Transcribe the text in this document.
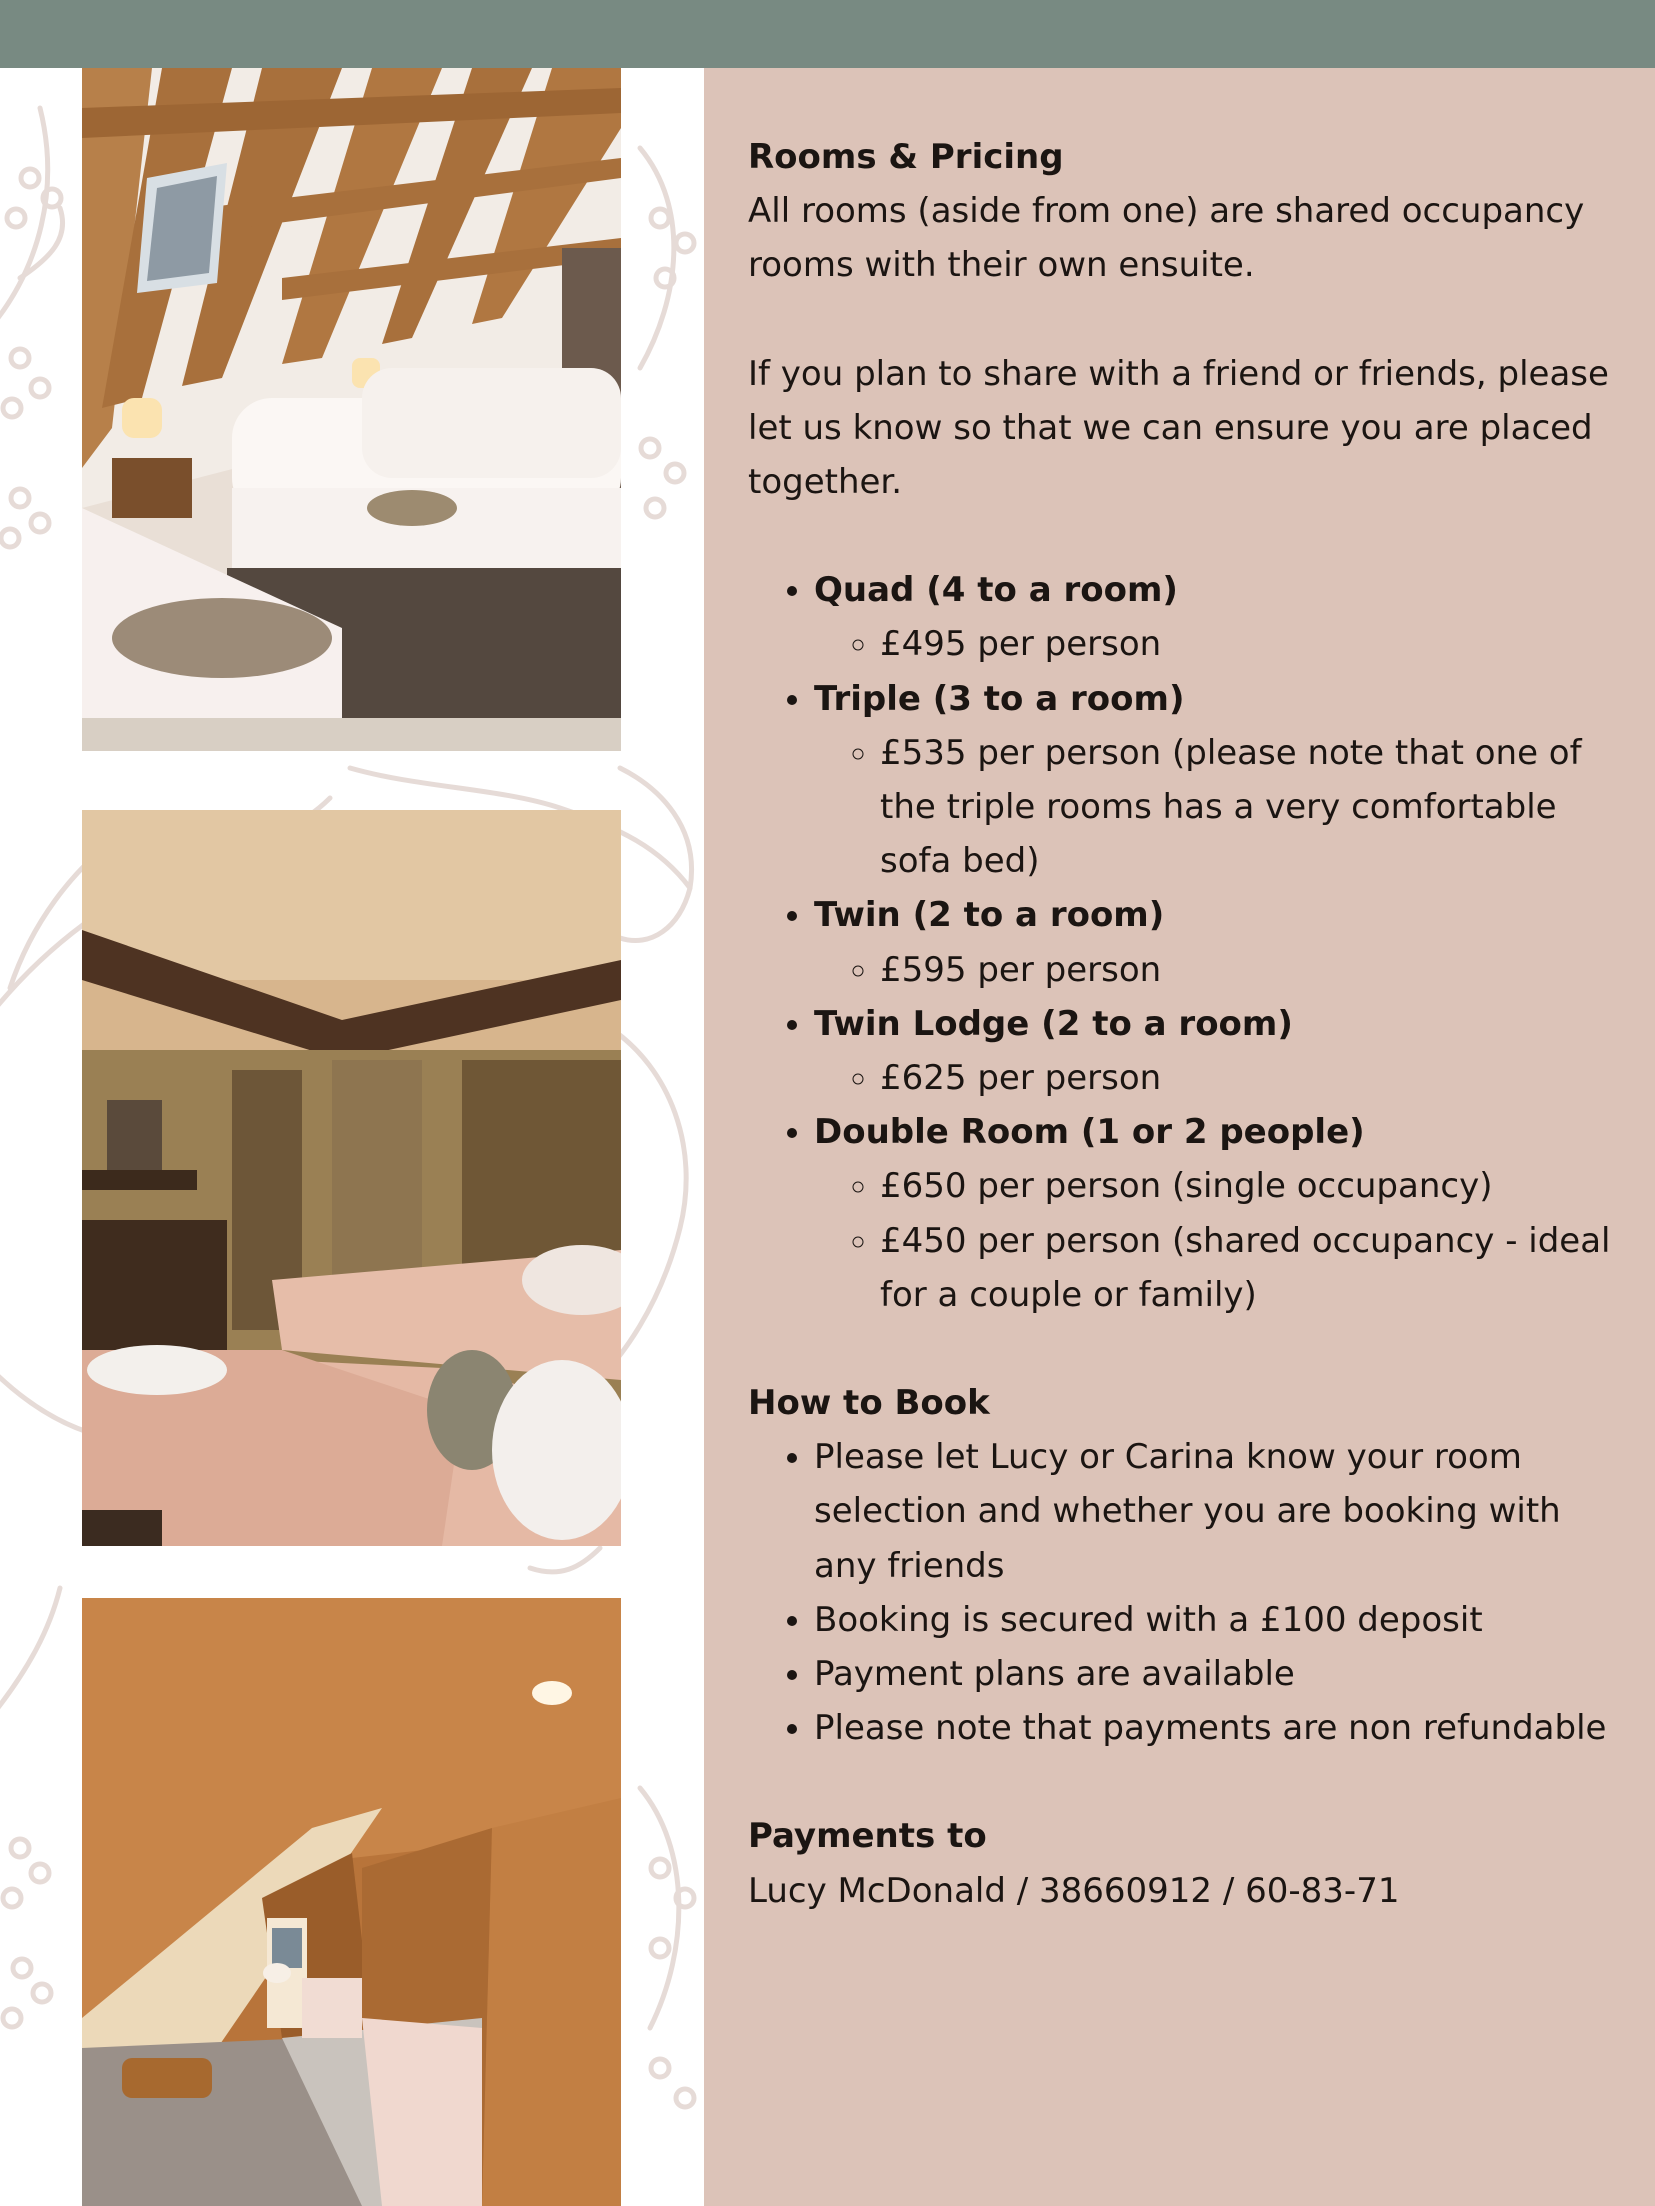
Rooms & Pricing

All rooms (aside from one) are shared occupancy rooms with their own ensuite.

If you plan to share with a friend or friends, please let us know so that we can ensure you are placed together.

• Quad (4 to a room)
◦ £495 per person
• Triple (3 to a room)
◦ £535 per person (please note that one of the triple rooms has a very comfortable sofa bed)
• Twin (2 to a room)
◦ £595 per person
• Twin Lodge (2 to a room)
◦ £625 per person
• Double Room (1 or 2 people)
◦ £650 per person (single occupancy)
◦ £450 per person (shared occupancy - ideal for a couple or family)
How to Book
• Please let Lucy or Carina know your room selection and whether you are booking with any friends
• Booking is secured with a £100 deposit
• Payment plans are available
• Please note that payments are non refundable
Payments to

Lucy McDonald / 38660912 / 60-83-71
